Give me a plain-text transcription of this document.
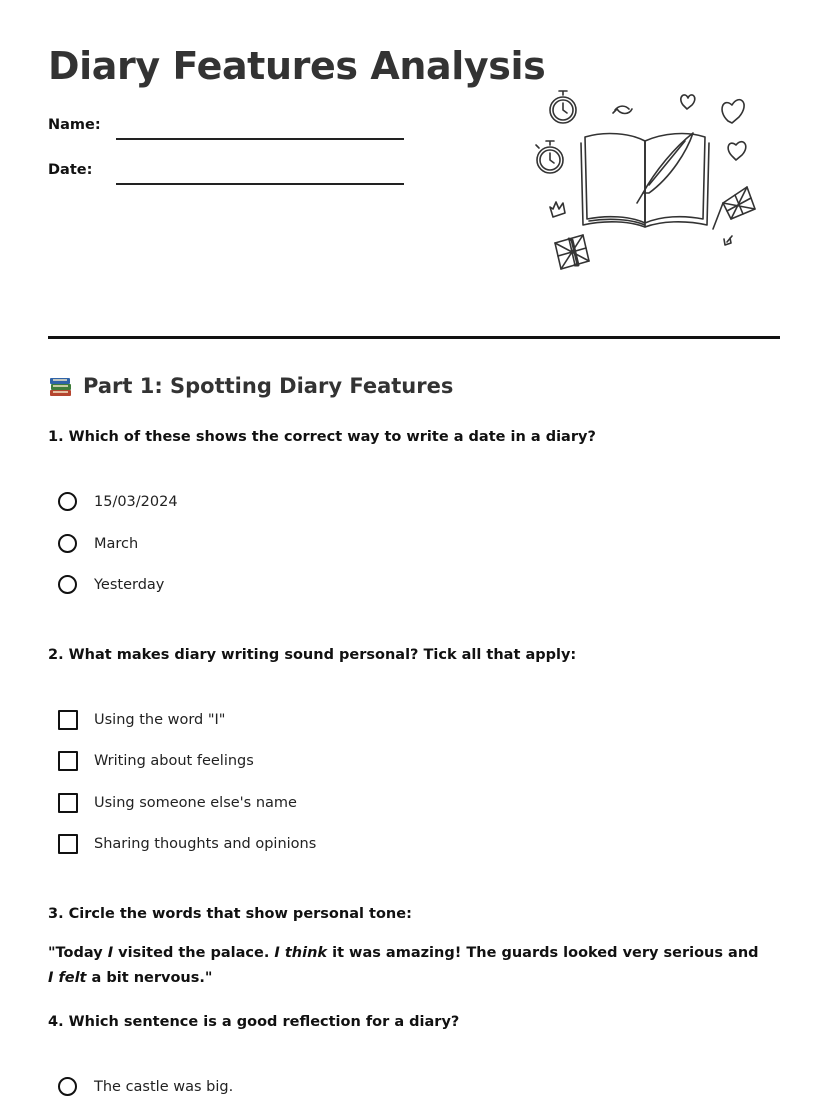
Diary Features Analysis
Name:
Date:
Part 1: Spotting Diary Features

1. Which of these shows the correct way to write a date in a diary?

15/03/2024
March
Yesterday

2. What makes diary writing sound personal? Tick all that apply:

Using the word "I"
Writing about feelings
Using someone else's name
Sharing thoughts and opinions

3. Circle the words that show personal tone:

"Today I visited the palace. I think it was amazing! The guards looked very serious and I felt a bit nervous."

4. Which sentence is a good reflection for a diary?

The castle was big.
